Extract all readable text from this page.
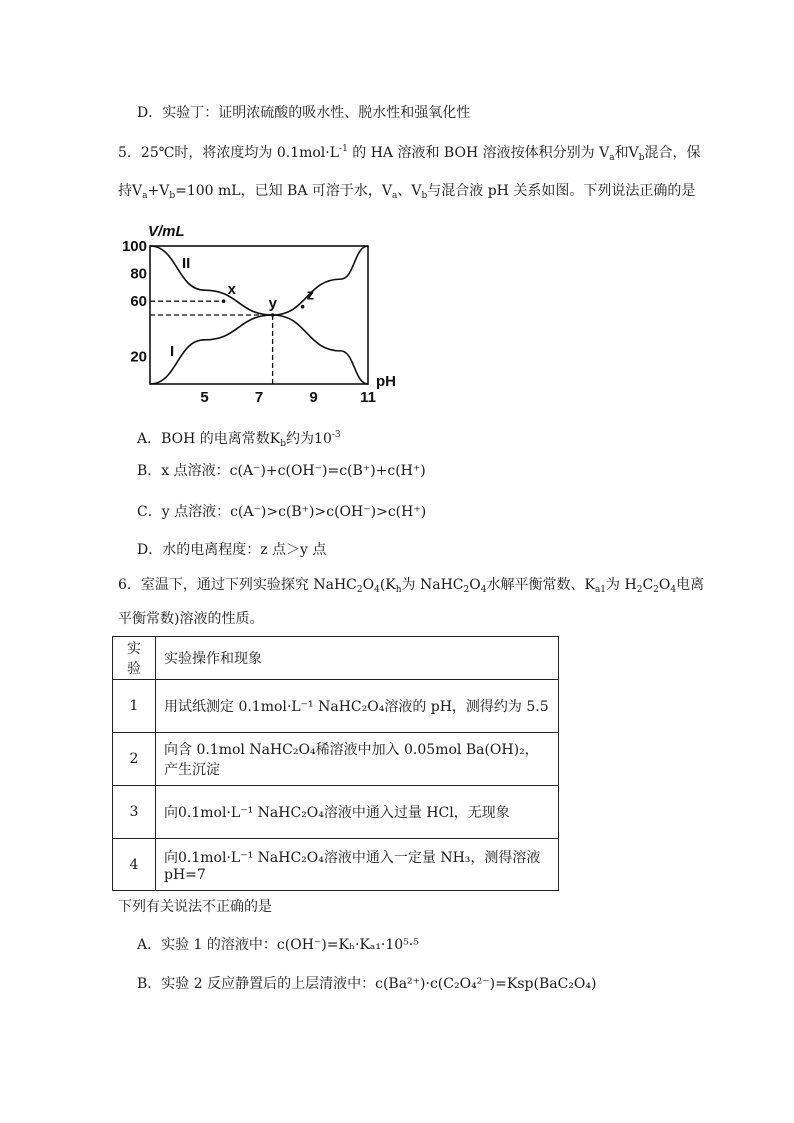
D．实验丁：证明浓硫酸的吸水性、脱水性和强氧化性
5．25℃时，将浓度均为 $0.1mol\cdot L^{-1}$ 的 HA 溶液和 BOH 溶液按体积分别为 $V_a$和$V_b$混合，保
持$V_a+V_b=100$ mL，已知 BA 可溶于水，$V_a$、$V_b$与混合液 pH 关系如图。下列说法正确的是
V/mL
pH
100
80
60
20
5	7	9	11
x
y z
II
I
A．BOH 的电离常数$K_b$约为$10^{-3}$
B．x 点溶液：c(A⁻)+c(OH⁻)=c(B⁺)+c(H⁺)
C．y 点溶液：c(A⁻)>c(B⁺)>c(OH⁻)>c(H⁺)
D．水的电离程度：z 点＞y 点
6．室温下，通过下列实验探究 $NaHC_2O_4(K_h$为 $NaHC_2O_4$水解平衡常数、$K_{a1}$为 $H_2C_2O_4$电离
平衡常数)溶液的性质。
实验	实验操作和现象
1	用试纸测定 0.1mol·L⁻¹ NaHC₂O₄溶液的 pH，测得约为 5.5
2	向含 0.1mol NaHC₂O₄稀溶液中加入 0.05mol Ba(OH)₂，产生沉淀
3	向0.1mol·L⁻¹ NaHC₂O₄溶液中通入过量 HCl，无现象
4	向0.1mol·L⁻¹ NaHC₂O₄溶液中通入一定量 NH₃，测得溶液pH=7
下列有关说法不正确的是
A．实验 1 的溶液中：c(OH⁻)=Kₕ·Kₐ₁·10⁵·⁵
B．实验 2 反应静置后的上层清液中：c(Ba²⁺)·c(C₂O₄²⁻)=Ksp(BaC₂O₄)
